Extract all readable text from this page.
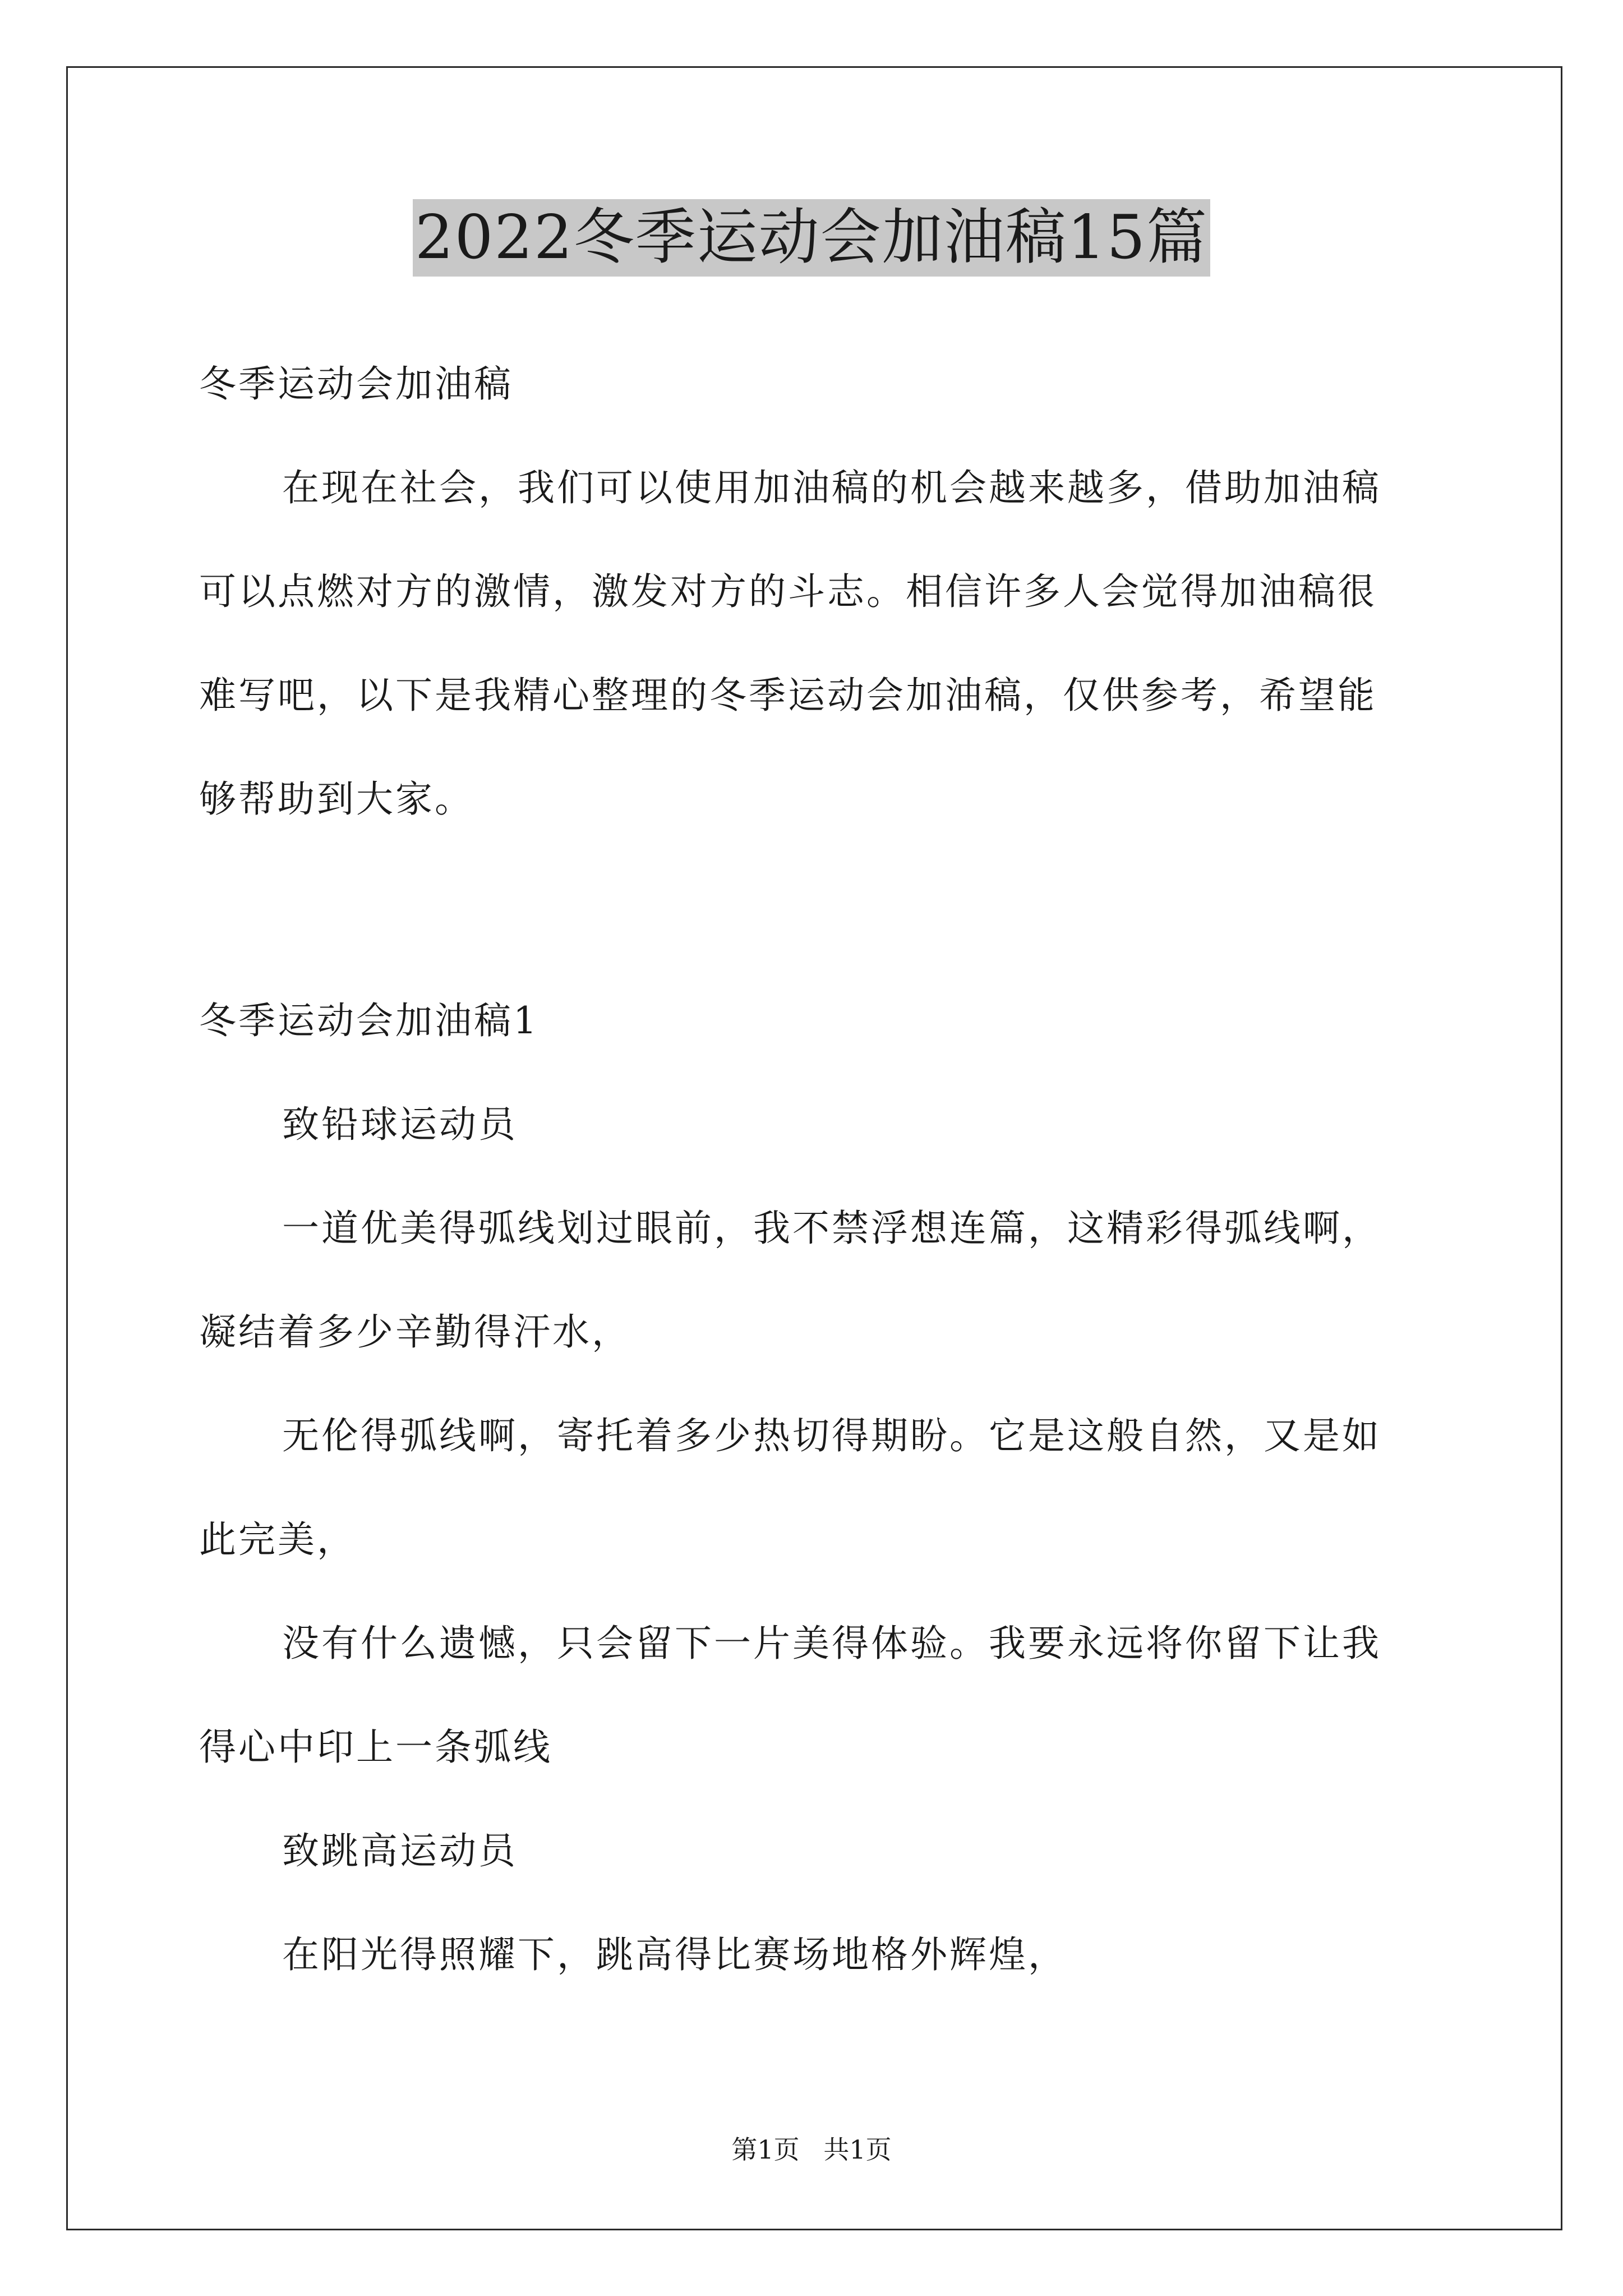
2022冬季运动会加油稿15篇
冬季运动会加油稿
在现在社会，我们可以使用加油稿的机会越来越多，借助加油稿
可以点燃对方的激情，激发对方的斗志。相信许多人会觉得加油稿很
难写吧，以下是我精心整理的冬季运动会加油稿，仅供参考，希望能
够帮助到大家。
冬季运动会加油稿1
致铅球运动员
一道优美得弧线划过眼前，我不禁浮想连篇，这精彩得弧线啊，
凝结着多少辛勤得汗水，
无伦得弧线啊，寄托着多少热切得期盼。它是这般自然，又是如
此完美，
没有什么遗憾，只会留下一片美得体验。我要永远将你留下让我
得心中印上一条弧线
致跳高运动员
在阳光得照耀下，跳高得比赛场地格外辉煌，
第1页 共1页
